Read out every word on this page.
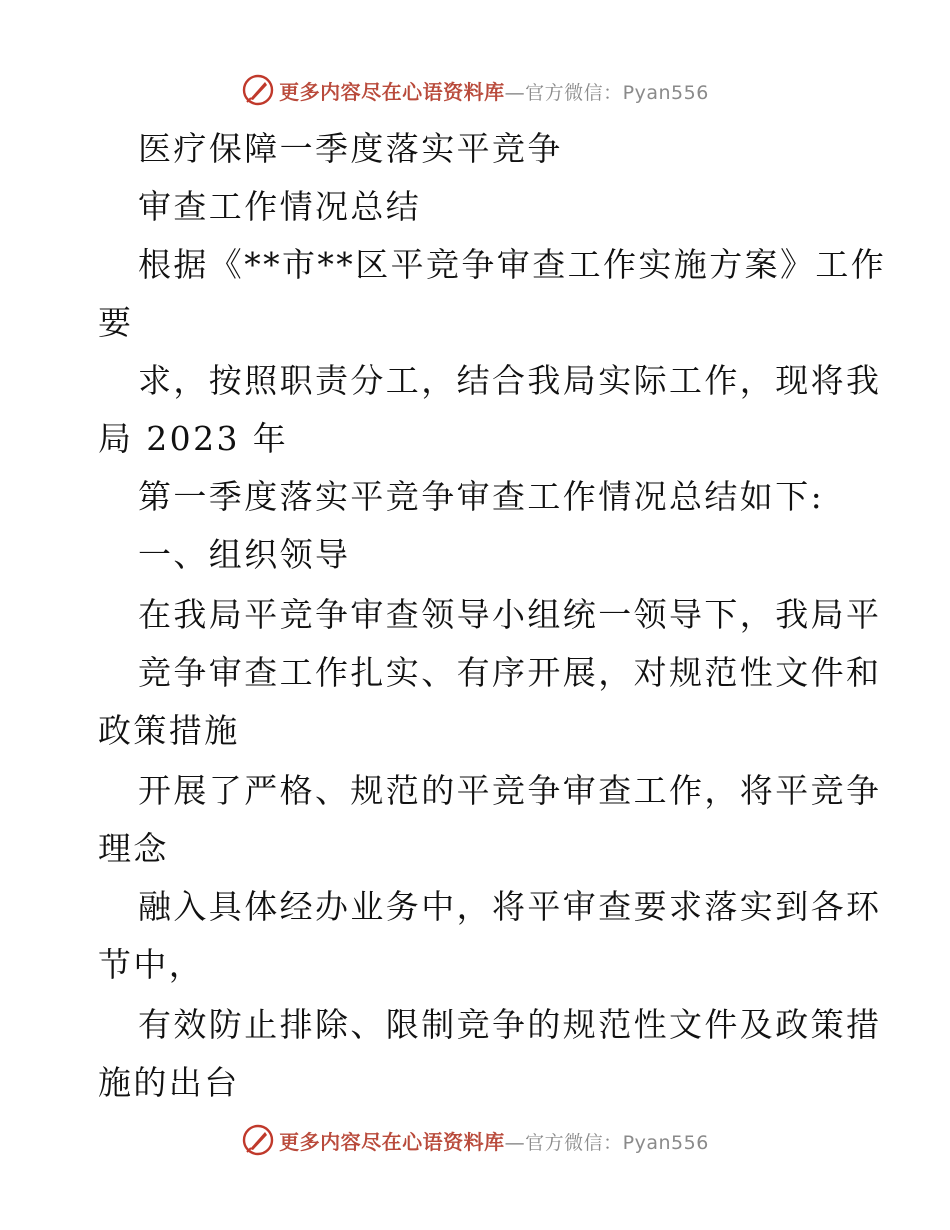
更多内容尽在心语资料库—官方微信：Pyan556
医疗保障一季度落实平竞争
审查工作情况总结
根据《**市**区平竞争审查工作实施方案》工作
要
求，按照职责分工，结合我局实际工作，现将我
局 2023 年
第一季度落实平竞争审查工作情况总结如下:
一、组织领导
在我局平竞争审查领导小组统一领导下，我局平
竞争审查工作扎实、有序开展，对规范性文件和
政策措施
开展了严格、规范的平竞争审查工作，将平竞争
理念
融入具体经办业务中，将平审查要求落实到各环
节中，
有效防止排除、限制竞争的规范性文件及政策措
施的出台
更多内容尽在心语资料库—官方微信：Pyan556
